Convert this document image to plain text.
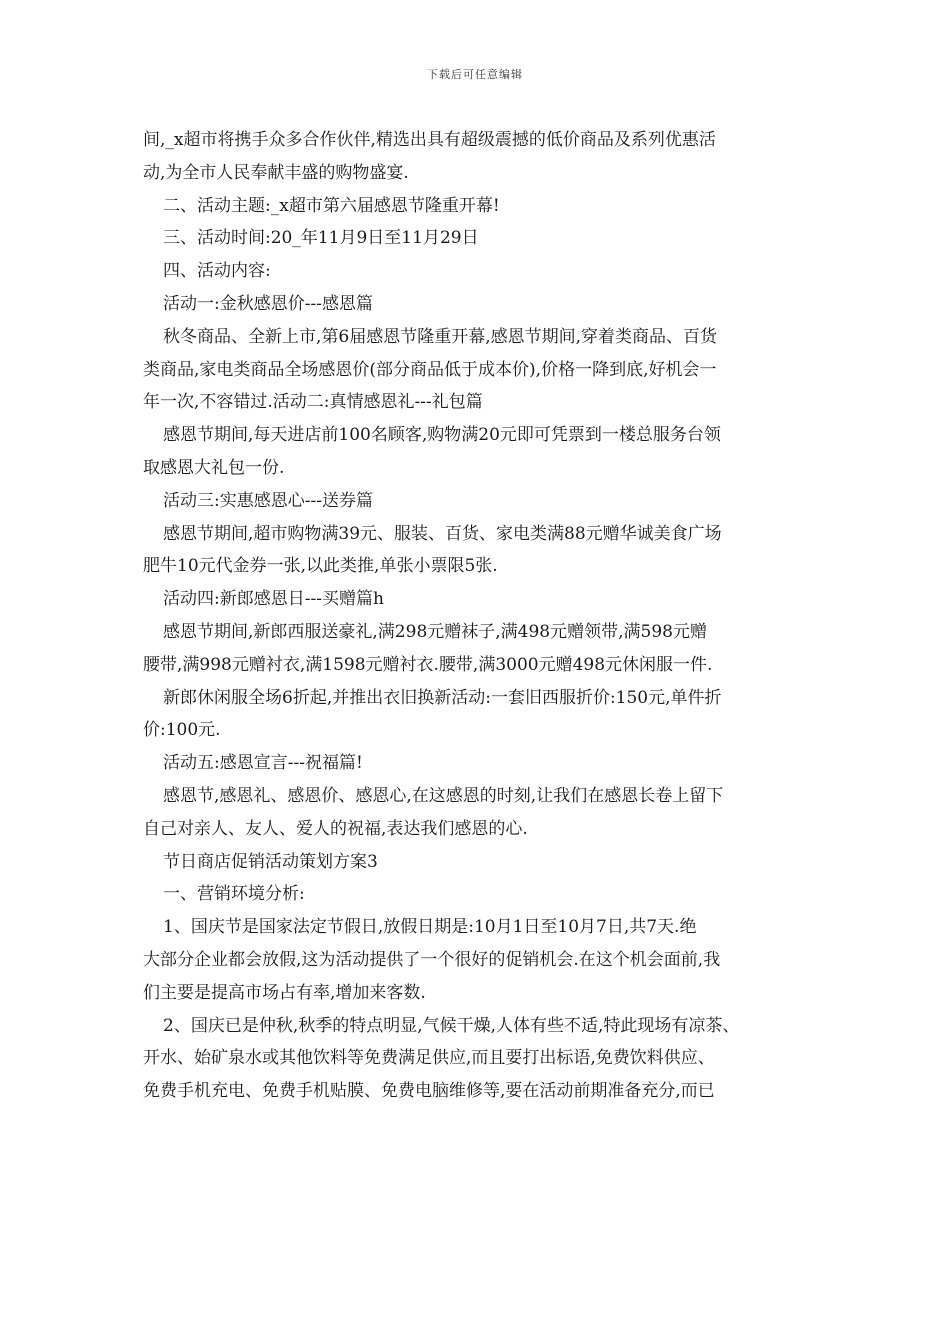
下载后可任意编辑
间,_x超市将携手众多合作伙伴,精选出具有超级震撼的低价商品及系列优惠活
动,为全市人民奉献丰盛的购物盛宴.
二、活动主题:_x超市第六届感恩节隆重开幕!
三、活动时间:20_年11月9日至11月29日
四、活动内容:
活动一:金秋感恩价---感恩篇
秋冬商品、全新上市,第6届感恩节隆重开幕,感恩节期间,穿着类商品、百货
类商品,家电类商品全场感恩价(部分商品低于成本价),价格一降到底,好机会一
年一次,不容错过.活动二:真情感恩礼---礼包篇
感恩节期间,每天进店前100名顾客,购物满20元即可凭票到一楼总服务台领
取感恩大礼包一份.
活动三:实惠感恩心---送券篇
感恩节期间,超市购物满39元、服装、百货、家电类满88元赠华诚美食广场
肥牛10元代金券一张,以此类推,单张小票限5张.
活动四:新郎感恩日---买赠篇h
感恩节期间,新郎西服送豪礼,满298元赠袜子,满498元赠领带,满598元赠
腰带,满998元赠衬衣,满1598元赠衬衣.腰带,满3000元赠498元休闲服一件.
新郎休闲服全场6折起,并推出衣旧换新活动:一套旧西服折价:150元,单件折
价:100元.
活动五:感恩宣言---祝福篇!
感恩节,感恩礼、感恩价、感恩心,在这感恩的时刻,让我们在感恩长卷上留下
自己对亲人、友人、爱人的祝福,表达我们感恩的心.
节日商店促销活动策划方案3
一、营销环境分析:
1、国庆节是国家法定节假日,放假日期是:10月1日至10月7日,共7天.绝
大部分企业都会放假,这为活动提供了一个很好的促销机会.在这个机会面前,我
们主要是提高市场占有率,增加来客数.
2、国庆已是仲秋,秋季的特点明显,气候干燥,人体有些不适,特此现场有凉茶、
开水、始矿泉水或其他饮料等免费满足供应,而且要打出标语,免费饮料供应、
免费手机充电、免费手机贴膜、免费电脑维修等,要在活动前期准备充分,而已
